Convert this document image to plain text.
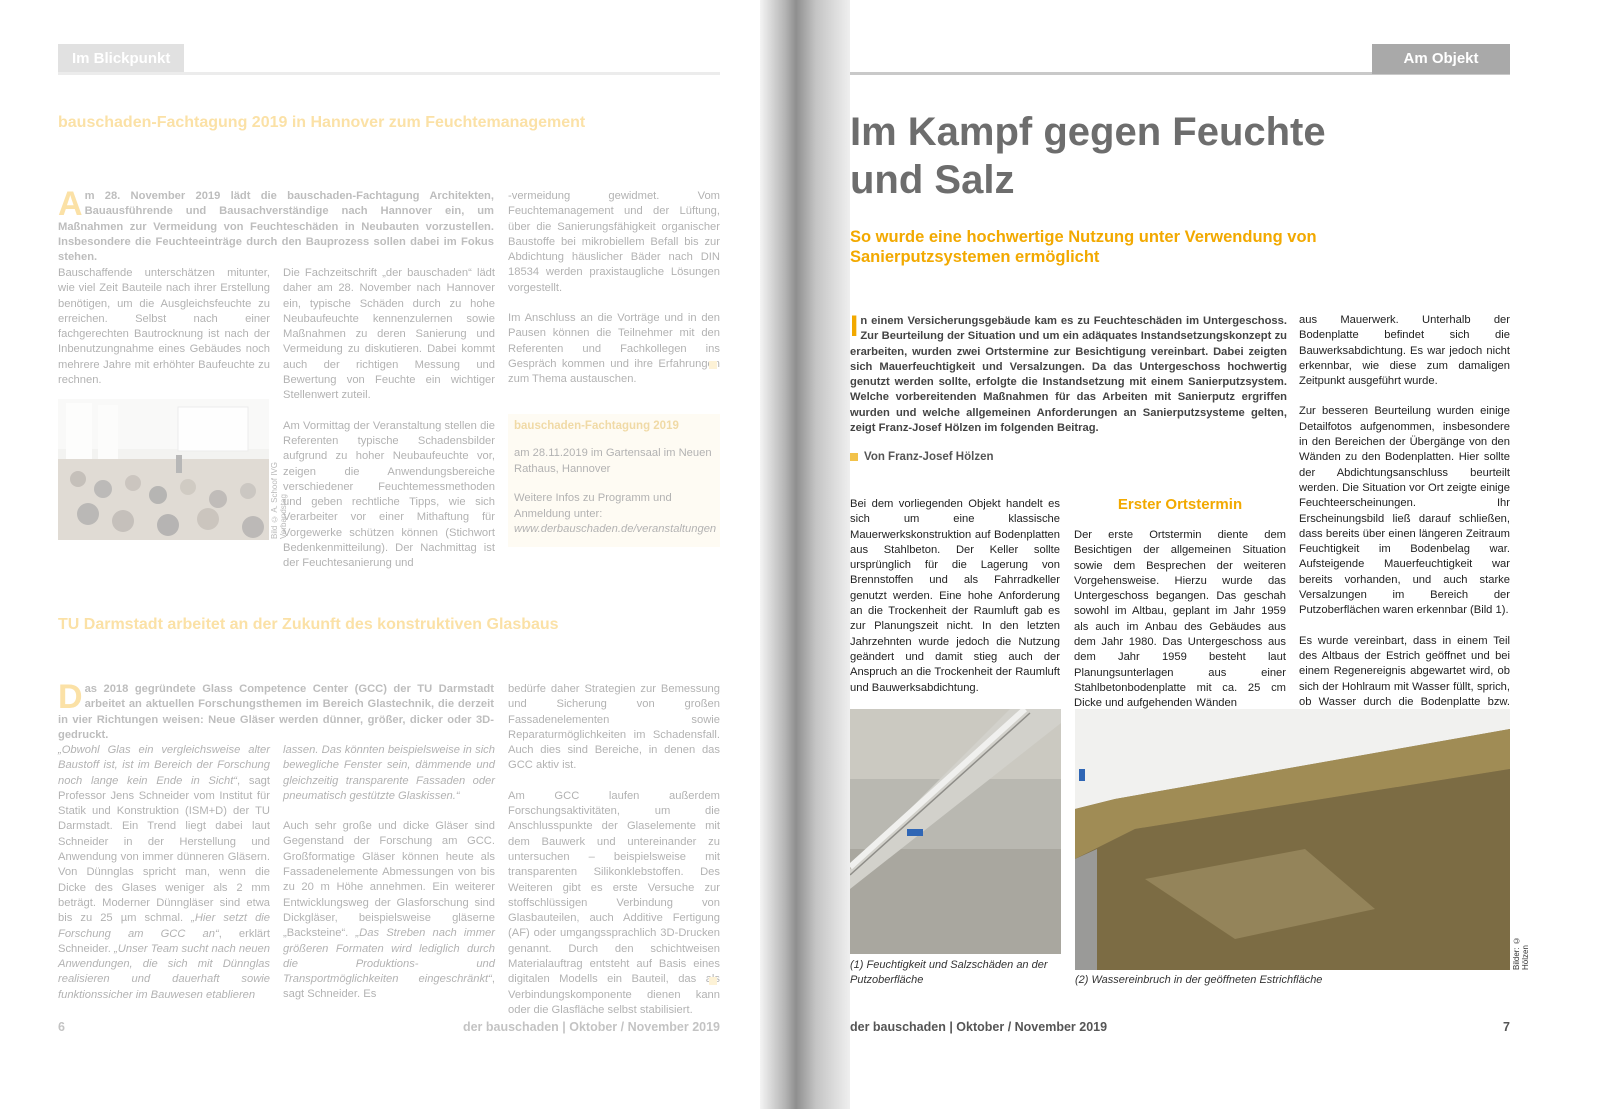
Im Blickpunkt
bauschaden-Fachtagung 2019 in Hannover zum Feuchtemanagement
Am 28. November 2019 lädt die bauschaden-Fachtagung Architekten, Bauausführende und Bausachverständige nach Hannover ein, um Maßnahmen zur Vermeidung von Feuchteschäden in Neubauten vorzustellen. Insbesondere die Feuchteeinträge durch den Bauprozess sollen dabei im Fokus stehen.

Bauschaffende unterschätzen mitunter, wie viel Zeit Bauteile nach ihrer Erstellung benötigen, um die Ausgleichsfeuchte zu erreichen. Selbst nach einer fachgerechten Bautrocknung ist nach der Inbenutzungnahme eines Gebäudes noch mehrere Jahre mit erhöhter Baufeuchte zu rechnen.

Bild © A. Schoof IVG Verbandstag

Die Fachzeitschrift „der bauschaden“ lädt daher am 28. November nach Hannover ein, typische Schäden durch zu hohe Neubaufeuchte kennenzulernen sowie Maßnahmen zu deren Sanierung und Vermeidung zu diskutieren. Dabei kommt auch der richtigen Messung und Bewertung von Feuchte ein wichtiger Stellenwert zuteil.

Am Vormittag der Veranstaltung stellen die Referenten typische Schadensbilder aufgrund zu hoher Neubaufeuchte vor, zeigen die Anwendungsbereiche verschiedener Feuchtemessmethoden und geben rechtliche Tipps, wie sich Verarbeiter vor einer Mithaftung für Vorgewerke schützen können (Stichwort Bedenkenmitteilung). Der Nachmittag ist der Feuchtesanierung und

-vermeidung gewidmet. Vom Feuchtemanagement und der Lüftung, über die Sanierungsfähigkeit organischer Baustoffe bei mikrobiellem Befall bis zur Abdichtung häuslicher Bäder nach DIN 18534 werden praxistaugliche Lösungen vorgestellt.

Im Anschluss an die Vorträge und in den Pausen können die Teilnehmer mit den Referenten und Fachkollegen ins Gespräch kommen und ihre Erfahrungen zum Thema austauschen.

bauschaden-Fachtagung 2019
am 28.11.2019 im Gartensaal im Neuen Rathaus, Hannover
Weitere Infos zu Programm und Anmeldung unter:
www.derbauschaden.de/veranstaltungen
TU Darmstadt arbeitet an der Zukunft des konstruktiven Glasbaus
Das 2018 gegründete Glass Competence Center (GCC) der TU Darmstadt arbeitet an aktuellen Forschungsthemen im Bereich Glastechnik, die derzeit in vier Richtungen weisen: Neue Gläser werden dünner, größer, dicker oder 3D-gedruckt.

„Obwohl Glas ein vergleichsweise alter Baustoff ist, ist im Bereich der Forschung noch lange kein Ende in Sicht“, sagt Professor Jens Schneider vom Institut für Statik und Konstruktion (ISM+D) der TU Darmstadt. Ein Trend liegt dabei laut Schneider in der Herstellung und Anwendung von immer dünneren Gläsern. Von Dünnglas spricht man, wenn die Dicke des Glases weniger als 2 mm beträgt. Moderner Dünngläser sind etwa bis zu 25 µm schmal. „Hier setzt die Forschung am GCC an“, erklärt Schneider. „Unser Team sucht nach neuen Anwendungen, die sich mit Dünnglas realisieren und dauerhaft sowie funktionssicher im Bauwesen etablieren

lassen. Das könnten beispielsweise in sich bewegliche Fenster sein, dämmende und gleichzeitig transparente Fassaden oder pneumatisch gestützte Glaskissen.“

Auch sehr große und dicke Gläser sind Gegenstand der Forschung am GCC. Großformatige Gläser können heute als Fassadenelemente Abmessungen von bis zu 20 m Höhe annehmen. Ein weiterer Entwicklungsweg der Glasforschung sind Dickgläser, beispielsweise gläserne „Backsteine“. „Das Streben nach immer größeren Formaten wird lediglich durch die Produktions- und Transportmöglichkeiten eingeschränkt“, sagt Schneider. Es

bedürfe daher Strategien zur Bemessung und Sicherung von großen Fassadenelementen sowie Reparaturmöglichkeiten im Schadensfall. Auch dies sind Bereiche, in denen das GCC aktiv ist.

Am GCC laufen außerdem Forschungsaktivitäten, um die Anschlusspunkte der Glaselemente mit dem Bauwerk und untereinander zu untersuchen – beispielsweise mit transparenten Silikonklebstoffen. Des Weiteren gibt es erste Versuche zur stoffschlüssigen Verbindung von Glasbauteilen, auch Additive Fertigung (AF) oder umgangssprachlich 3D-Drucken genannt. Durch den schichtweisen Materialauftrag entsteht auf Basis eines digitalen Modells ein Bauteil, das als Verbindungskomponente dienen kann oder die Glasfläche selbst stabilisiert.

6	der bauschaden | Oktober / November 2019
Am Objekt
Im Kampf gegen Feuchte
und Salz
So wurde eine hochwertige Nutzung unter Verwendung von Sanierputzsystemen ermöglicht
In einem Versicherungsgebäude kam es zu Feuchteschäden im Untergeschoss. Zur Beurteilung der Situation und um ein adäquates Instandsetzungskonzept zu erarbeiten, wurden zwei Ortstermine zur Besichtigung vereinbart. Dabei zeigten sich Mauerfeuchtigkeit und Versalzungen. Da das Untergeschoss hochwertig genutzt werden sollte, erfolgte die Instandsetzung mit einem Sanierputzsystem. Welche vorbereitenden Maßnahmen für das Arbeiten mit Sanierputz ergriffen wurden und welche allgemeinen Anforderungen an Sanierputzsysteme gelten, zeigt Franz-Josef Hölzen im folgenden Beitrag.
Von Franz-Josef Hölzen

Bei dem vorliegenden Objekt handelt es sich um eine klassische Mauerwerkskonstruktion auf Bodenplatten aus Stahlbeton. Der Keller sollte ursprünglich für die Lagerung von Brennstoffen und als Fahrradkeller genutzt werden. Eine hohe Anforderung an die Trockenheit der Raumluft gab es zur Planungszeit nicht. In den letzten Jahrzehnten wurde jedoch die Nutzung geändert und damit stieg auch der Anspruch an die Trockenheit der Raumluft und Bauwerksabdichtung.

Erster Ortstermin

Der erste Ortstermin diente dem Besichtigen der allgemeinen Situation sowie dem Besprechen der weiteren Vorgehensweise. Hierzu wurde das Untergeschoss begangen. Das geschah sowohl im Altbau, geplant im Jahr 1959 als auch im Anbau des Gebäudes aus dem Jahr 1980. Das Untergeschoss aus dem Jahr 1959 besteht laut Planungsunterlagen aus einer Stahlbetonbodenplatte mit ca. 25 cm Dicke und aufgehenden Wänden

aus Mauerwerk. Unterhalb der Bodenplatte befindet sich die Bauwerksabdichtung. Es war jedoch nicht erkennbar, wie diese zum damaligen Zeitpunkt ausgeführt wurde.

Zur besseren Beurteilung wurden einige Detailfotos aufgenommen, insbesondere in den Bereichen der Übergänge von den Wänden zu den Bodenplatten. Hier sollte der Abdichtungsanschluss beurteilt werden. Die Situation vor Ort zeigte einige Feuchteerscheinungen. Ihr Erscheinungsbild ließ darauf schließen, dass bereits über einen längeren Zeitraum Feuchtigkeit im Bodenbelag war. Aufsteigende Mauerfeuchtigkeit war bereits vorhanden, und auch starke Versalzungen im Bereich der Putzoberflächen waren erkennbar (Bild 1).

Es wurde vereinbart, dass in einem Teil des Altbaus der Estrich geöffnet und bei einem Regenereignis abgewartet wird, ob sich der Hohlraum mit Wasser füllt, sprich, ob Wasser durch die Bodenplatte bzw.

(1) Feuchtigkeit und Salzschäden an der Putzoberfläche
Bilder: © Hölzen
(2) Wassereinbruch in der geöffneten Estrichfläche
der bauschaden | Oktober / November 2019	7
